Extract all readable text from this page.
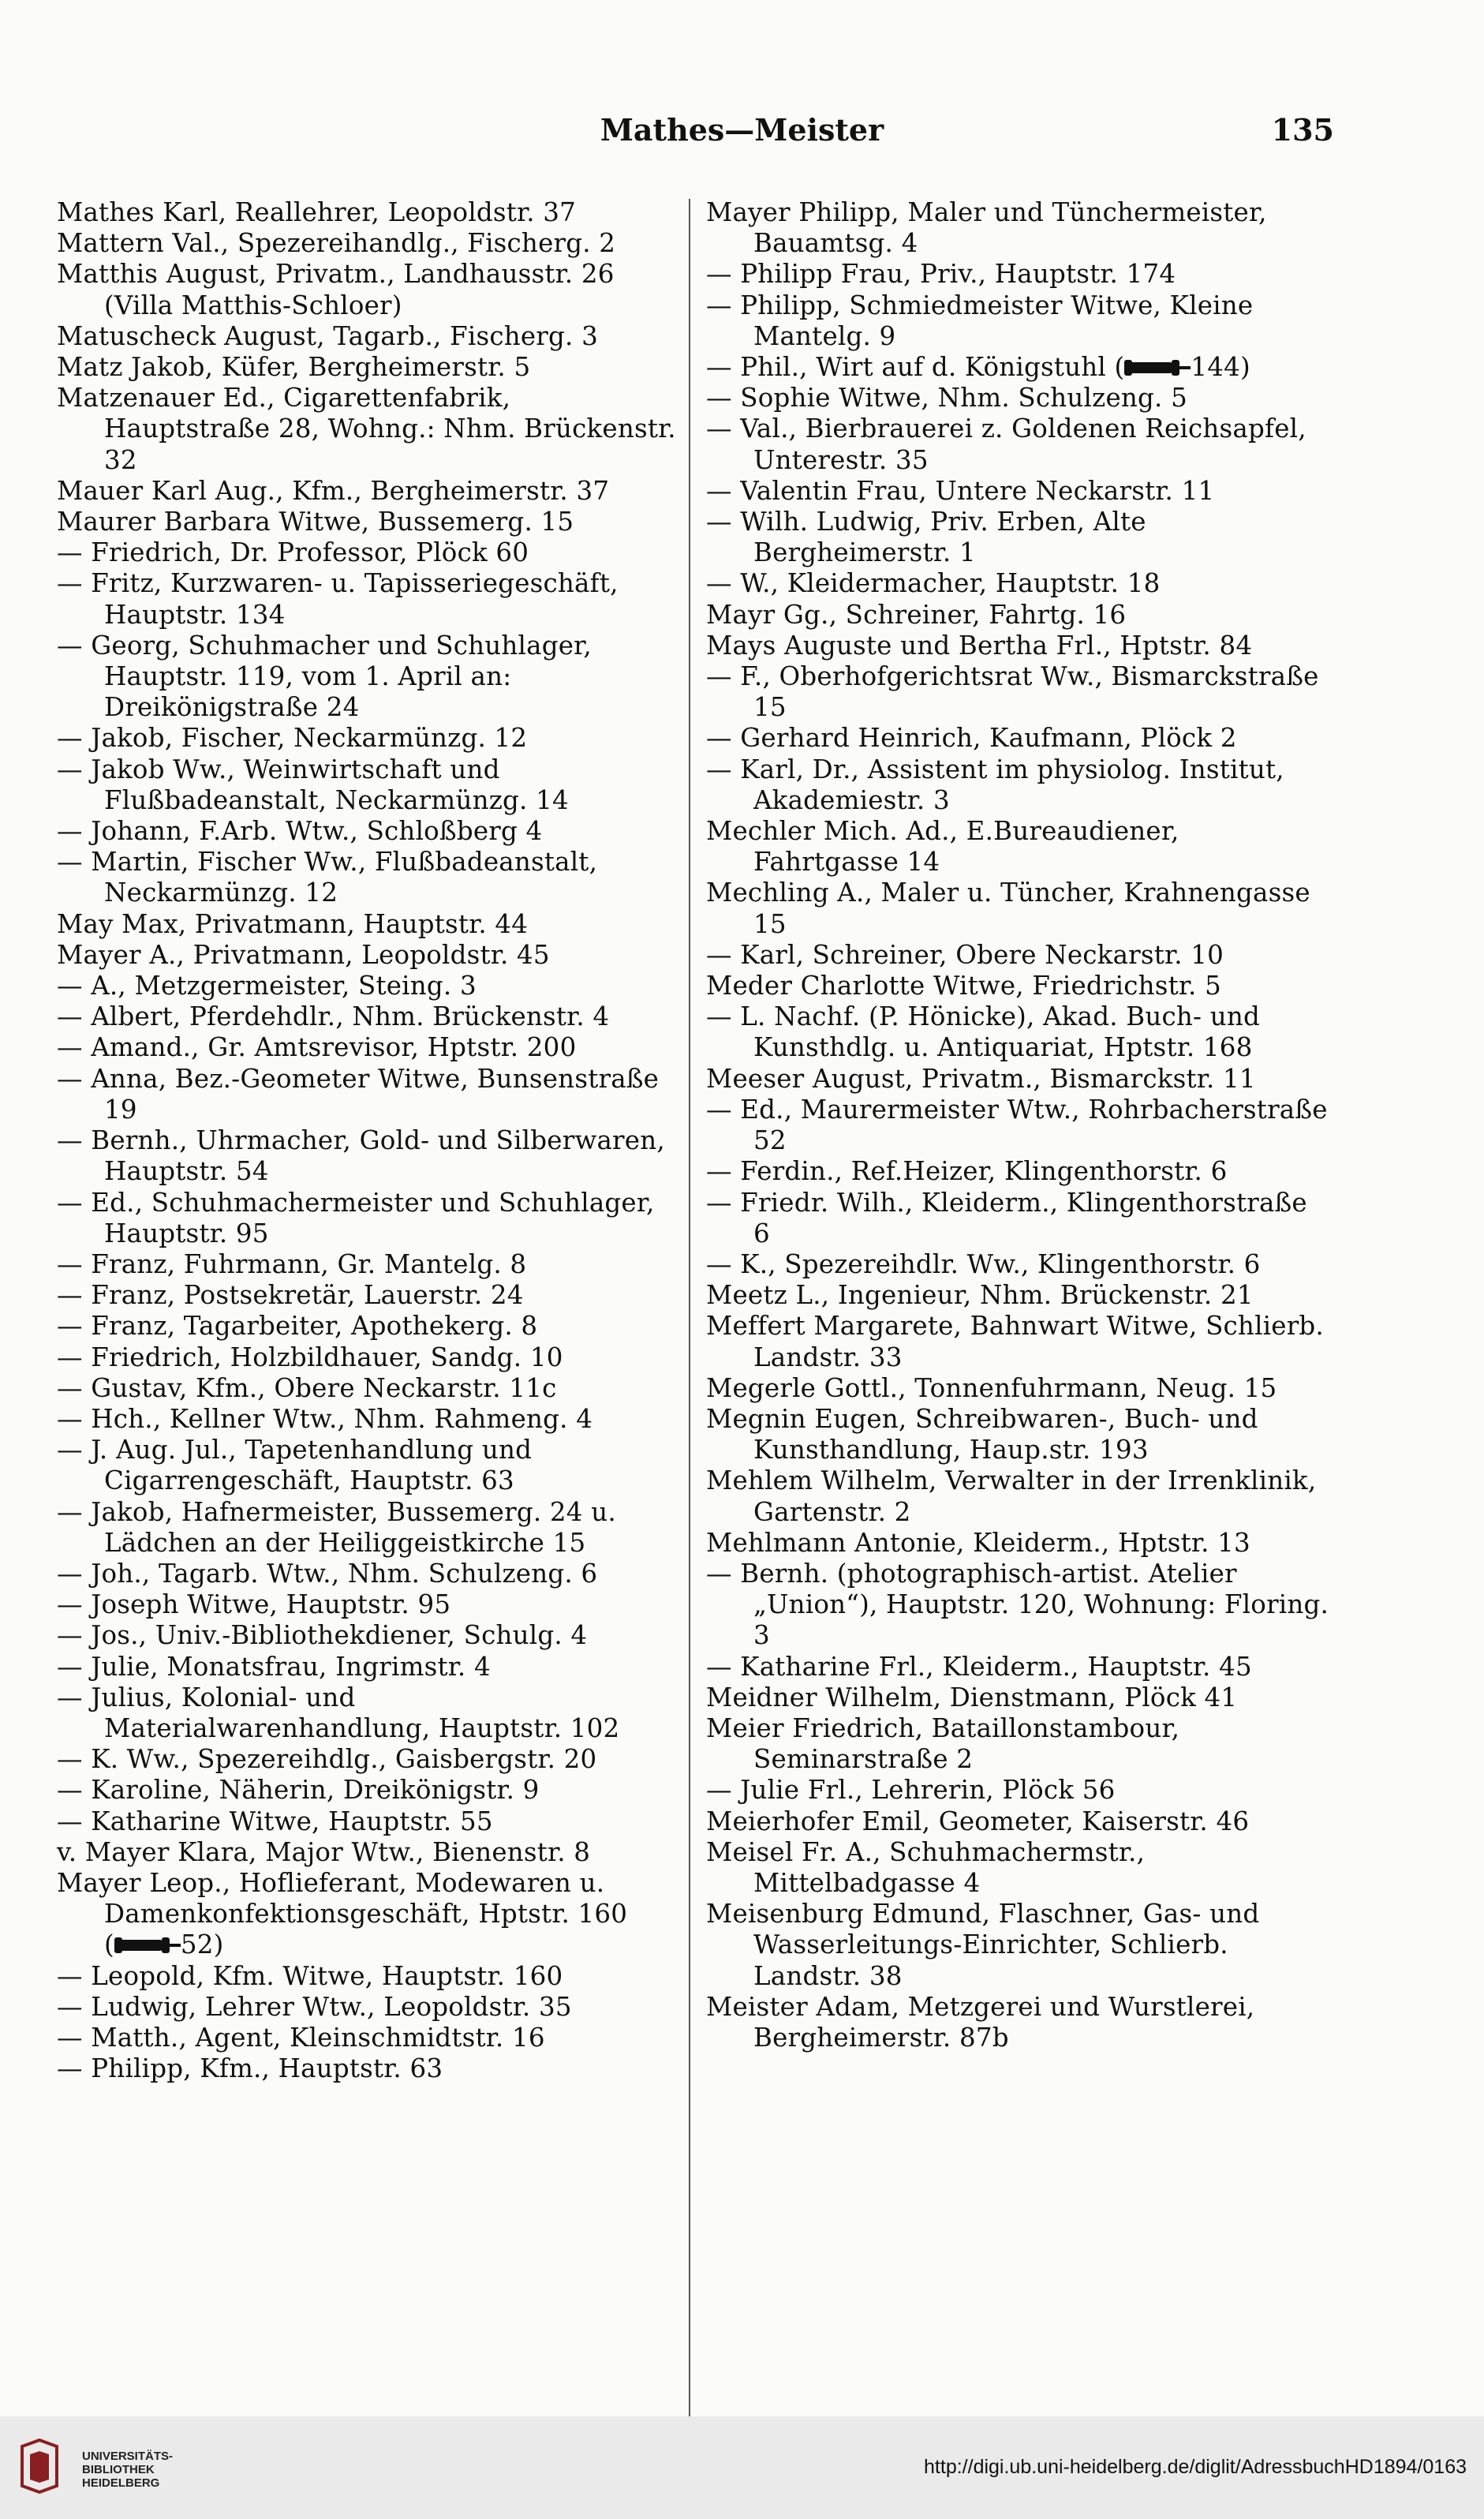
Mathes—Meister	135

Mathes Karl, Reallehrer, Leopoldstr. 37

Mattern Val., Spezereihandlg., Fischerg. 2

Matthis August, Privatm., Landhausstr. 26 (Villa Matthis-Schloer)

Matuscheck August, Tagarb., Fischerg. 3

Matz Jakob, Küfer, Bergheimerstr. 5

Matzenauer Ed., Cigarettenfabrik, Hauptstraße 28, Wohng.: Nhm. Brückenstr. 32

Mauer Karl Aug., Kfm., Bergheimerstr. 37

Maurer Barbara Witwe, Bussemerg. 15

— Friedrich, Dr. Professor, Plöck 60

— Fritz, Kurzwaren- u. Tapisseriegeschäft, Hauptstr. 134

— Georg, Schuhmacher und Schuhlager, Hauptstr. 119, vom 1. April an: Dreikönigstraße 24

— Jakob, Fischer, Neckarmünzg. 12

— Jakob Ww., Weinwirtschaft und Flußbadeanstalt, Neckarmünzg. 14

— Johann, F.Arb. Wtw., Schloßberg 4

— Martin, Fischer Ww., Flußbadeanstalt, Neckarmünzg. 12

May Max, Privatmann, Hauptstr. 44

Mayer A., Privatmann, Leopoldstr. 45

— A., Metzgermeister, Steing. 3

— Albert, Pferdehdlr., Nhm. Brückenstr. 4

— Amand., Gr. Amtsrevisor, Hptstr. 200

— Anna, Bez.-Geometer Witwe, Bunsenstraße 19

— Bernh., Uhrmacher, Gold- und Silberwaren, Hauptstr. 54

— Ed., Schuhmachermeister und Schuhlager, Hauptstr. 95

— Franz, Fuhrmann, Gr. Mantelg. 8

— Franz, Postsekretär, Lauerstr. 24

— Franz, Tagarbeiter, Apothekerg. 8

— Friedrich, Holzbildhauer, Sandg. 10

— Gustav, Kfm., Obere Neckarstr. 11c

— Hch., Kellner Wtw., Nhm. Rahmeng. 4

— J. Aug. Jul., Tapetenhandlung und Cigarrengeschäft, Hauptstr. 63

— Jakob, Hafnermeister, Bussemerg. 24 u. Lädchen an der Heiliggeistkirche 15

— Joh., Tagarb. Wtw., Nhm. Schulzeng. 6

— Joseph Witwe, Hauptstr. 95

— Jos., Univ.-Bibliothekdiener, Schulg. 4

— Julie, Monatsfrau, Ingrimstr. 4

— Julius, Kolonial- und Materialwarenhandlung, Hauptstr. 102

— K. Ww., Spezereihdlg., Gaisbergstr. 20

— Karoline, Näherin, Dreikönigstr. 9

— Katharine Witwe, Hauptstr. 55

v. Mayer Klara, Major Wtw., Bienenstr. 8

Mayer Leop., Hoflieferant, Modewaren u. Damenkonfektionsgeschäft, Hptstr. 160

(	52)

— Leopold, Kfm. Witwe, Hauptstr. 160

— Ludwig, Lehrer Wtw., Leopoldstr. 35

— Matth., Agent, Kleinschmidtstr. 16

— Philipp, Kfm., Hauptstr. 63

Mayer Philipp, Maler und Tünchermeister, Bauamtsg. 4

— Philipp Frau, Priv., Hauptstr. 174

— Philipp, Schmiedmeister Witwe, Kleine Mantelg. 9

— Phil., Wirt auf d. Königstuhl (	144)

— Sophie Witwe, Nhm. Schulzeng. 5

— Val., Bierbrauerei z. Goldenen Reichsapfel, Unterestr. 35

— Valentin Frau, Untere Neckarstr. 11

— Wilh. Ludwig, Priv. Erben, Alte Bergheimerstr. 1

— W., Kleidermacher, Hauptstr. 18

Mayr Gg., Schreiner, Fahrtg. 16

Mays Auguste und Bertha Frl., Hptstr. 84

— F., Oberhofgerichtsrat Ww., Bismarckstraße 15

— Gerhard Heinrich, Kaufmann, Plöck 2

— Karl, Dr., Assistent im physiolog. Institut, Akademiestr. 3

Mechler Mich. Ad., E.Bureaudiener, Fahrtgasse 14

Mechling A., Maler u. Tüncher, Krahnengasse 15

— Karl, Schreiner, Obere Neckarstr. 10

Meder Charlotte Witwe, Friedrichstr. 5

— L. Nachf. (P. Hönicke), Akad. Buch- und Kunsthdlg. u. Antiquariat, Hptstr. 168

Meeser August, Privatm., Bismarckstr. 11

— Ed., Maurermeister Wtw., Rohrbacherstraße 52

— Ferdin., Ref.Heizer, Klingenthorstr. 6

— Friedr. Wilh., Kleiderm., Klingenthorstraße 6

— K., Spezereihdlr. Ww., Klingenthorstr. 6

Meetz L., Ingenieur, Nhm. Brückenstr. 21

Meffert Margarete, Bahnwart Witwe, Schlierb. Landstr. 33

Megerle Gottl., Tonnenfuhrmann, Neug. 15

Megnin Eugen, Schreibwaren-, Buch- und Kunsthandlung, Haup.str. 193

Mehlem Wilhelm, Verwalter in der Irrenklinik, Gartenstr. 2

Mehlmann Antonie, Kleiderm., Hptstr. 13

— Bernh. (photographisch-artist. Atelier „Union“), Hauptstr. 120, Wohnung: Floring. 3

— Katharine Frl., Kleiderm., Hauptstr. 45

Meidner Wilhelm, Dienstmann, Plöck 41

Meier Friedrich, Bataillonstambour, Seminarstraße 2

— Julie Frl., Lehrerin, Plöck 56

Meierhofer Emil, Geometer, Kaiserstr. 46

Meisel Fr. A., Schuhmachermstr., Mittelbadgasse 4

Meisenburg Edmund, Flaschner, Gas- und Wasserleitungs-Einrichter, Schlierb. Landstr. 38

Meister Adam, Metzgerei und Wurstlerei, Bergheimerstr. 87b

UNIVERSITÄTS-
BIBLIOTHEK
HEIDELBERG
http://digi.ub.uni-heidelberg.de/diglit/AdressbuchHD1894/0163
